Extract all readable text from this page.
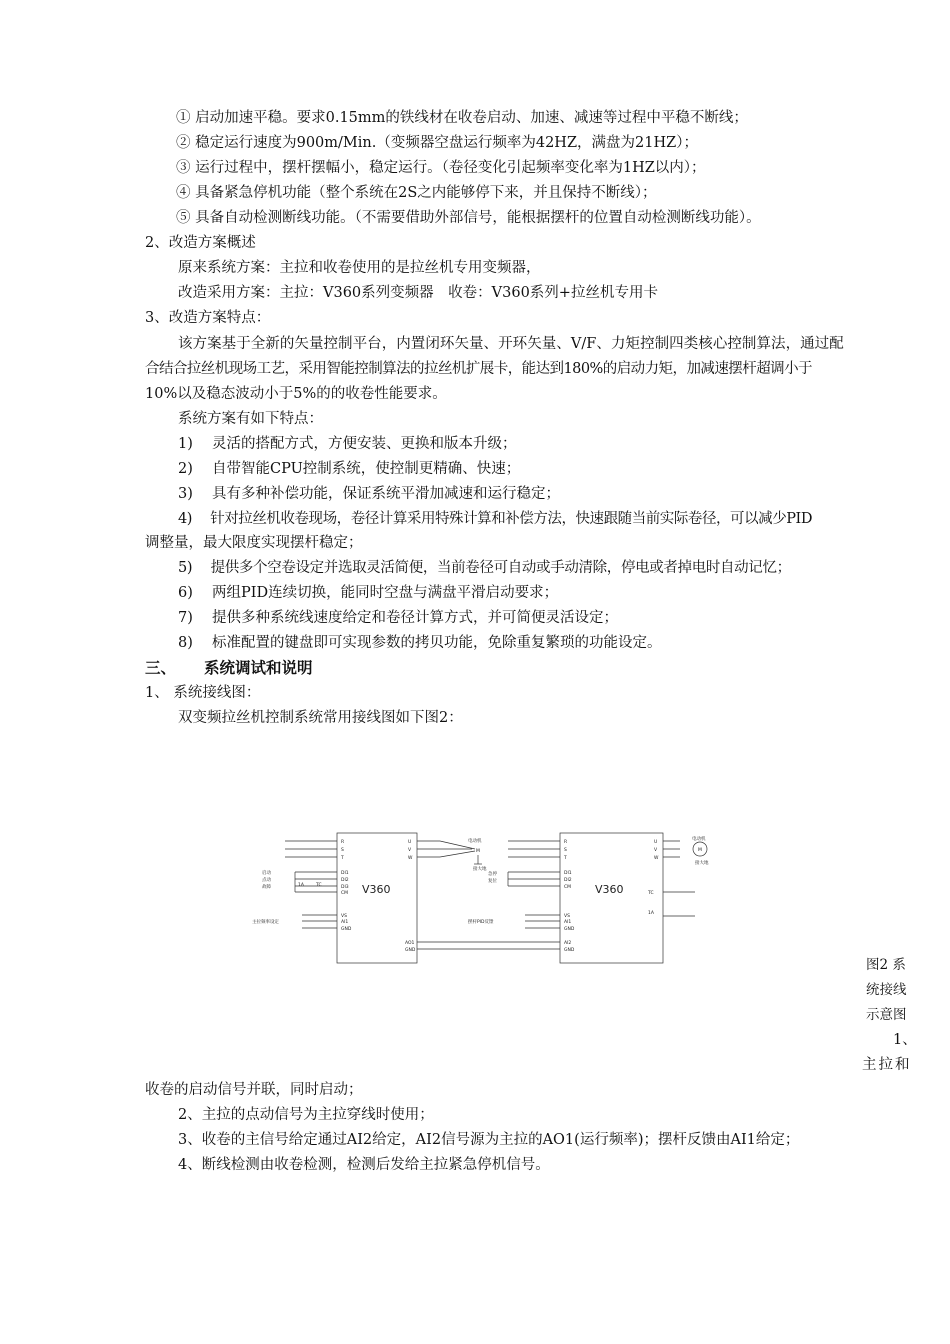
① 启动加速平稳。要求0.15mm的铁线材在收卷启动、加速、减速等过程中平稳不断线；
② 稳定运行速度为900m/Min.（变频器空盘运行频率为42HZ，满盘为21HZ）；
③ 运行过程中，摆杆摆幅小，稳定运行。（卷径变化引起频率变化率为1HZ以内）；
④ 具备紧急停机功能（整个系统在2S之内能够停下来，并且保持不断线）；
⑤ 具备自动检测断线功能。（不需要借助外部信号，能根据摆杆的位置自动检测断线功能）。
2、改造方案概述
原来系统方案：主拉和收卷使用的是拉丝机专用变频器，
改造采用方案：主拉：V360系列变频器　收卷：V360系列+拉丝机专用卡
3、改造方案特点：
该方案基于全新的矢量控制平台，内置闭环矢量、开环矢量、V/F、力矩控制四类核心控制算法，通过配
合结合拉丝机现场工艺，采用智能控制算法的拉丝机扩展卡，能达到180%的启动力矩，加减速摆杆超调小于
10%以及稳态波动小于5%的的收卷性能要求。
系统方案有如下特点：
1)　 灵活的搭配方式，方便安装、更换和版本升级；
2)　 自带智能CPU控制系统，使控制更精确、快速；
3)　 具有多种补偿功能，保证系统平滑加减速和运行稳定；
4)　 针对拉丝机收卷现场，卷径计算采用特殊计算和补偿方法，快速跟随当前实际卷径，可以减少PID
调整量，最大限度实现摆杆稳定；
5)　 提供多个空卷设定并选取灵活简便，当前卷径可自动或手动清除，停电或者掉电时自动记忆；
6)　 两组PID连续切换，能同时空盘与满盘平滑启动要求；
7)　 提供多种系统线速度给定和卷径计算方式，并可简便灵活设定；
8)　 标准配置的键盘即可实现参数的拷贝功能，免除重复繁琐的功能设定。
三、 系统调试和说明
1、 系统接线图：
双变频拉丝机控制系统常用接线图如下图2：
V360	V360
R
S
T
R
S
T
U
V
W
U
V
W
DI1
DI2
DI3
CM
DI1
DI2
CM
VS
AI1
GND
VS
AI1
GND
AO1
GND
AI2
GND
电动机	电动机
M	M
接大地
接大地
启动
点动
故障	1A	TC
急停
复位
主拉频率设定	摆杆PID反馈
TC
1A
图2 系
统接线
示意图
1、
主拉和
收卷的启动信号并联，同时启动；
2、主拉的点动信号为主拉穿线时使用；
3、收卷的主信号给定通过AI2给定，AI2信号源为主拉的AO1(运行频率)；摆杆反馈由AI1给定；
4、断线检测由收卷检测，检测后发给主拉紧急停机信号。
